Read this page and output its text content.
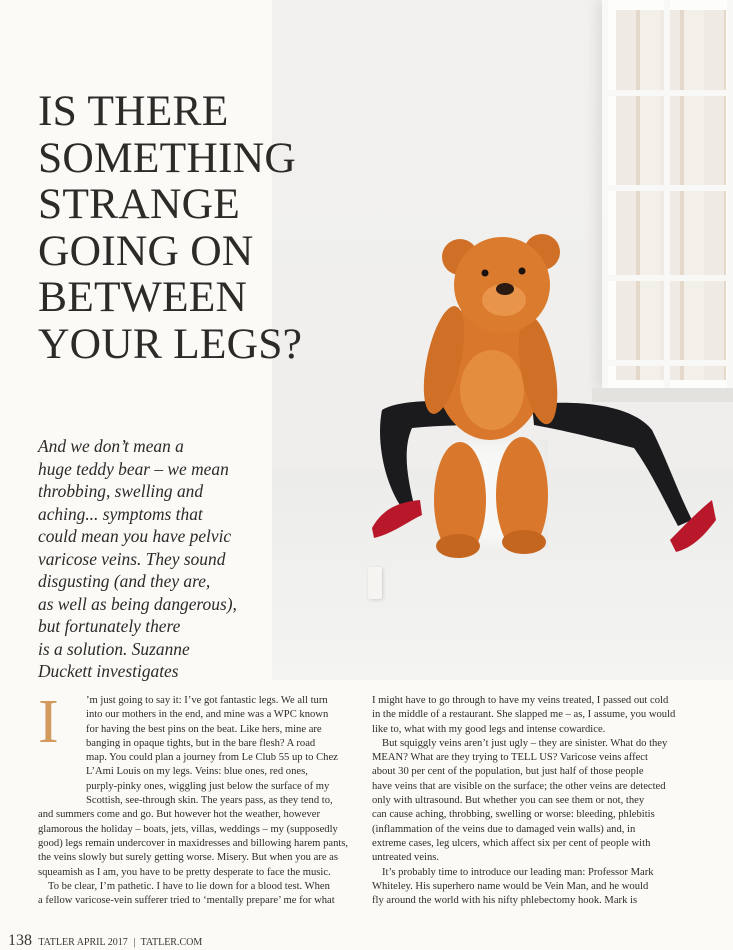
IS THERE
SOMETHING
STRANGE
GOING ON
BETWEEN
YOUR LEGS?

And we don’t mean a
huge teddy bear – we mean
throbbing, swelling and
aching... symptoms that
could mean you have pelvic
varicose veins. They sound
disgusting (and they are,
as well as being dangerous),
but fortunately there
is a solution. Suzanne
Duckett investigates

I	’m just going to say it: I’ve got fantastic legs. We all turn
into our mothers in the end, and mine was a WPC known
for having the best pins on the beat. Like hers, mine are
banging in opaque tights, but in the bare flesh? A road
map. You could plan a journey from Le Club 55 up to Chez
L’Ami Louis on my legs. Veins: blue ones, red ones,
purply-pinky ones, wiggling just below the surface of my
Scottish, see-through skin. The years pass, as they tend to,
and summers come and go. But however hot the weather, however
glamorous the holiday – boats, jets, villas, weddings – my (supposedly
good) legs remain undercover in maxidresses and billowing harem pants,
the veins slowly but surely getting worse. Misery. But when you are as
squeamish as I am, you have to be pretty desperate to face the music.
To be clear, I’m pathetic. I have to lie down for a blood test. When
a fellow varicose-vein sufferer tried to ‘mentally prepare’ me for what
I might have to go through to have my veins treated, I passed out cold
in the middle of a restaurant. She slapped me – as, I assume, you would
like to, what with my good legs and intense cowardice.
But squiggly veins aren’t just ugly – they are sinister. What do they
MEAN? What are they trying to TELL US? Varicose veins affect
about 30 per cent of the population, but just half of those people
have veins that are visible on the surface; the other veins are detected
only with ultrasound. But whether you can see them or not, they
can cause aching, throbbing, swelling or worse: bleeding, phlebitis
(inflammation of the veins due to damaged vein walls) and, in
extreme cases, leg ulcers, which affect six per cent of people with
untreated veins.
It’s probably time to introduce our leading man: Professor Mark
Whiteley. His superhero name would be Vein Man, and he would
fly around the world with his nifty phlebectomy hook. Mark is
138 TATLER APRIL 2017 | TATLER.COM
